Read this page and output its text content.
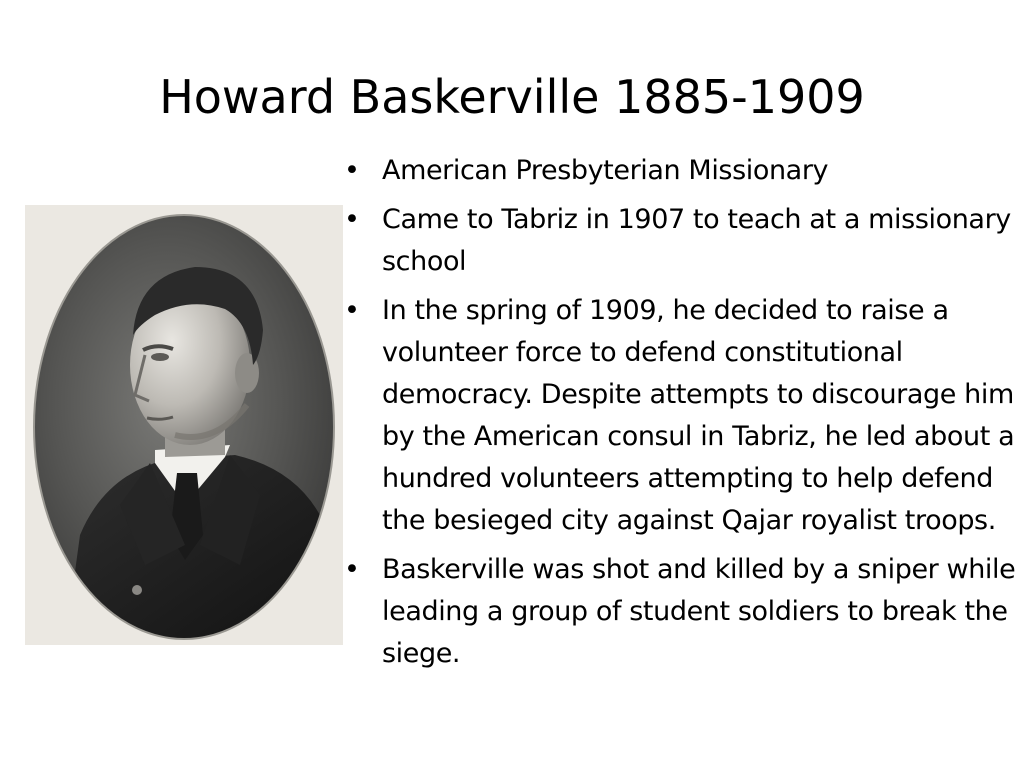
Howard Baskerville 1885-1909
• American Presbyterian Missionary
• Came to Tabriz in 1907 to teach at a missionary school
• In the spring of 1909, he decided to raise a volunteer force to defend constitutional democracy. Despite attempts to discourage him by the American consul in Tabriz, he led about a hundred volunteers attempting to help defend the besieged city against Qajar royalist troops.
• Baskerville was shot and killed by a sniper while leading a group of student soldiers to break the siege.
